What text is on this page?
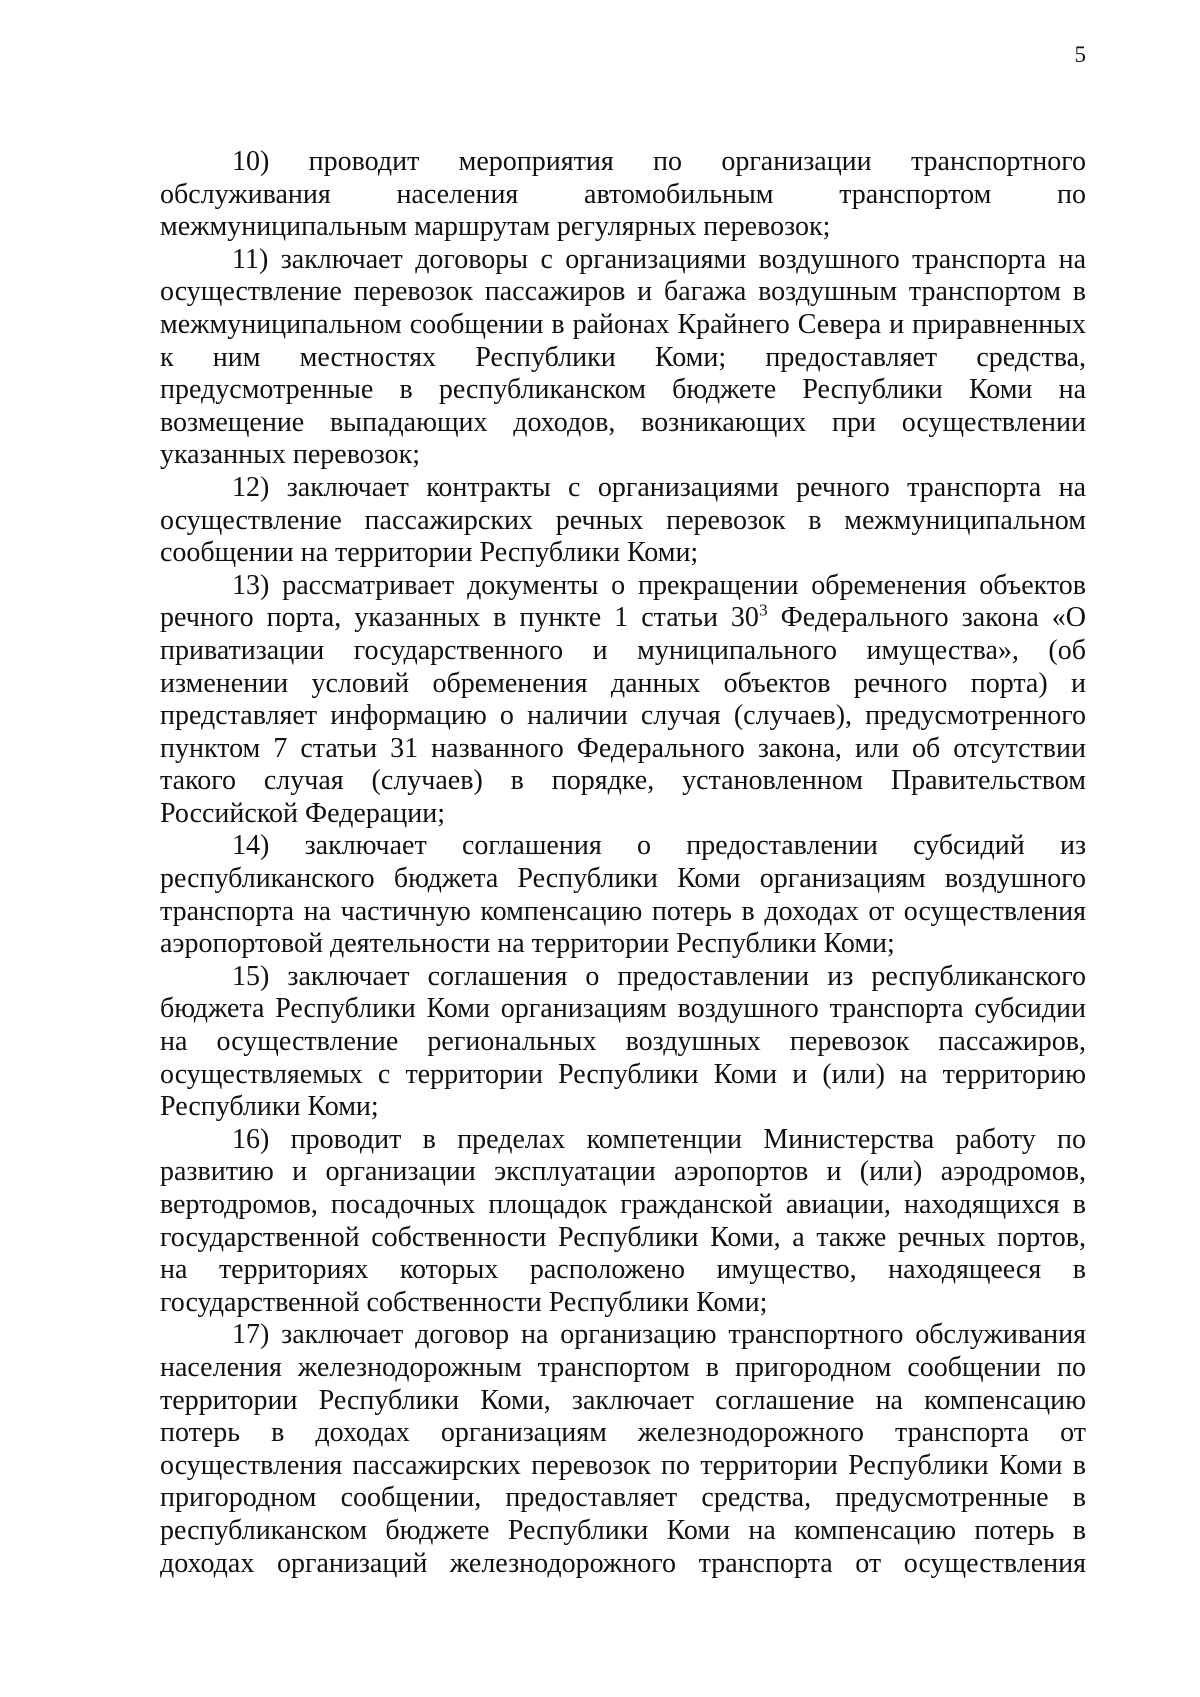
5

10) проводит мероприятия по организации транспортного обслуживания населения автомобильным транспортом по межмуниципальным маршрутам регулярных перевозок;

11) заключает договоры с организациями воздушного транспорта на осуществление перевозок пассажиров и багажа воздушным транспортом в межмуниципальном сообщении в районах Крайнего Севера и приравненных к ним местностях Республики Коми; предоставляет средства, предусмотренные в республиканском бюджете Республики Коми на возмещение выпадающих доходов, возникающих при осуществлении указанных перевозок;

12) заключает контракты с организациями речного транспорта на осуществление пассажирских речных перевозок в межмуниципальном сообщении на территории Республики Коми;

13) рассматривает документы о прекращении обременения объектов речного порта, указанных в пункте 1 статьи $30^3$ Федерального закона «О приватизации государственного и муниципального имущества», (об изменении условий обременения данных объектов речного порта) и представляет информацию о наличии случая (случаев), предусмотренного пунктом 7 статьи 31 названного Федерального закона, или об отсутствии такого случая (случаев) в порядке, установленном Правительством Российской Федерации;

14) заключает соглашения о предоставлении субсидий из республиканского бюджета Республики Коми организациям воздушного транспорта на частичную компенсацию потерь в доходах от осуществления аэропортовой деятельности на территории Республики Коми;

15) заключает соглашения о предоставлении из республиканского бюджета Республики Коми организациям воздушного транспорта субсидии на осуществление региональных воздушных перевозок пассажиров, осуществляемых с территории Республики Коми и (или) на территорию Республики Коми;

16) проводит в пределах компетенции Министерства работу по развитию и организации эксплуатации аэропортов и (или) аэродромов, вертодромов, посадочных площадок гражданской авиации, находящихся в государственной собственности Республики Коми, а также речных портов, на территориях которых расположено имущество, находящееся в государственной собственности Республики Коми;

17) заключает договор на организацию транспортного обслуживания населения железнодорожным транспортом в пригородном сообщении по территории Республики Коми, заключает соглашение на компенсацию потерь в доходах организациям железнодорожного транспорта от осуществления пассажирских перевозок по территории Республики Коми в пригородном сообщении, предоставляет средства, предусмотренные в республиканском бюджете Республики Коми на компенсацию потерь в доходах организаций железнодорожного транспорта от осуществления
